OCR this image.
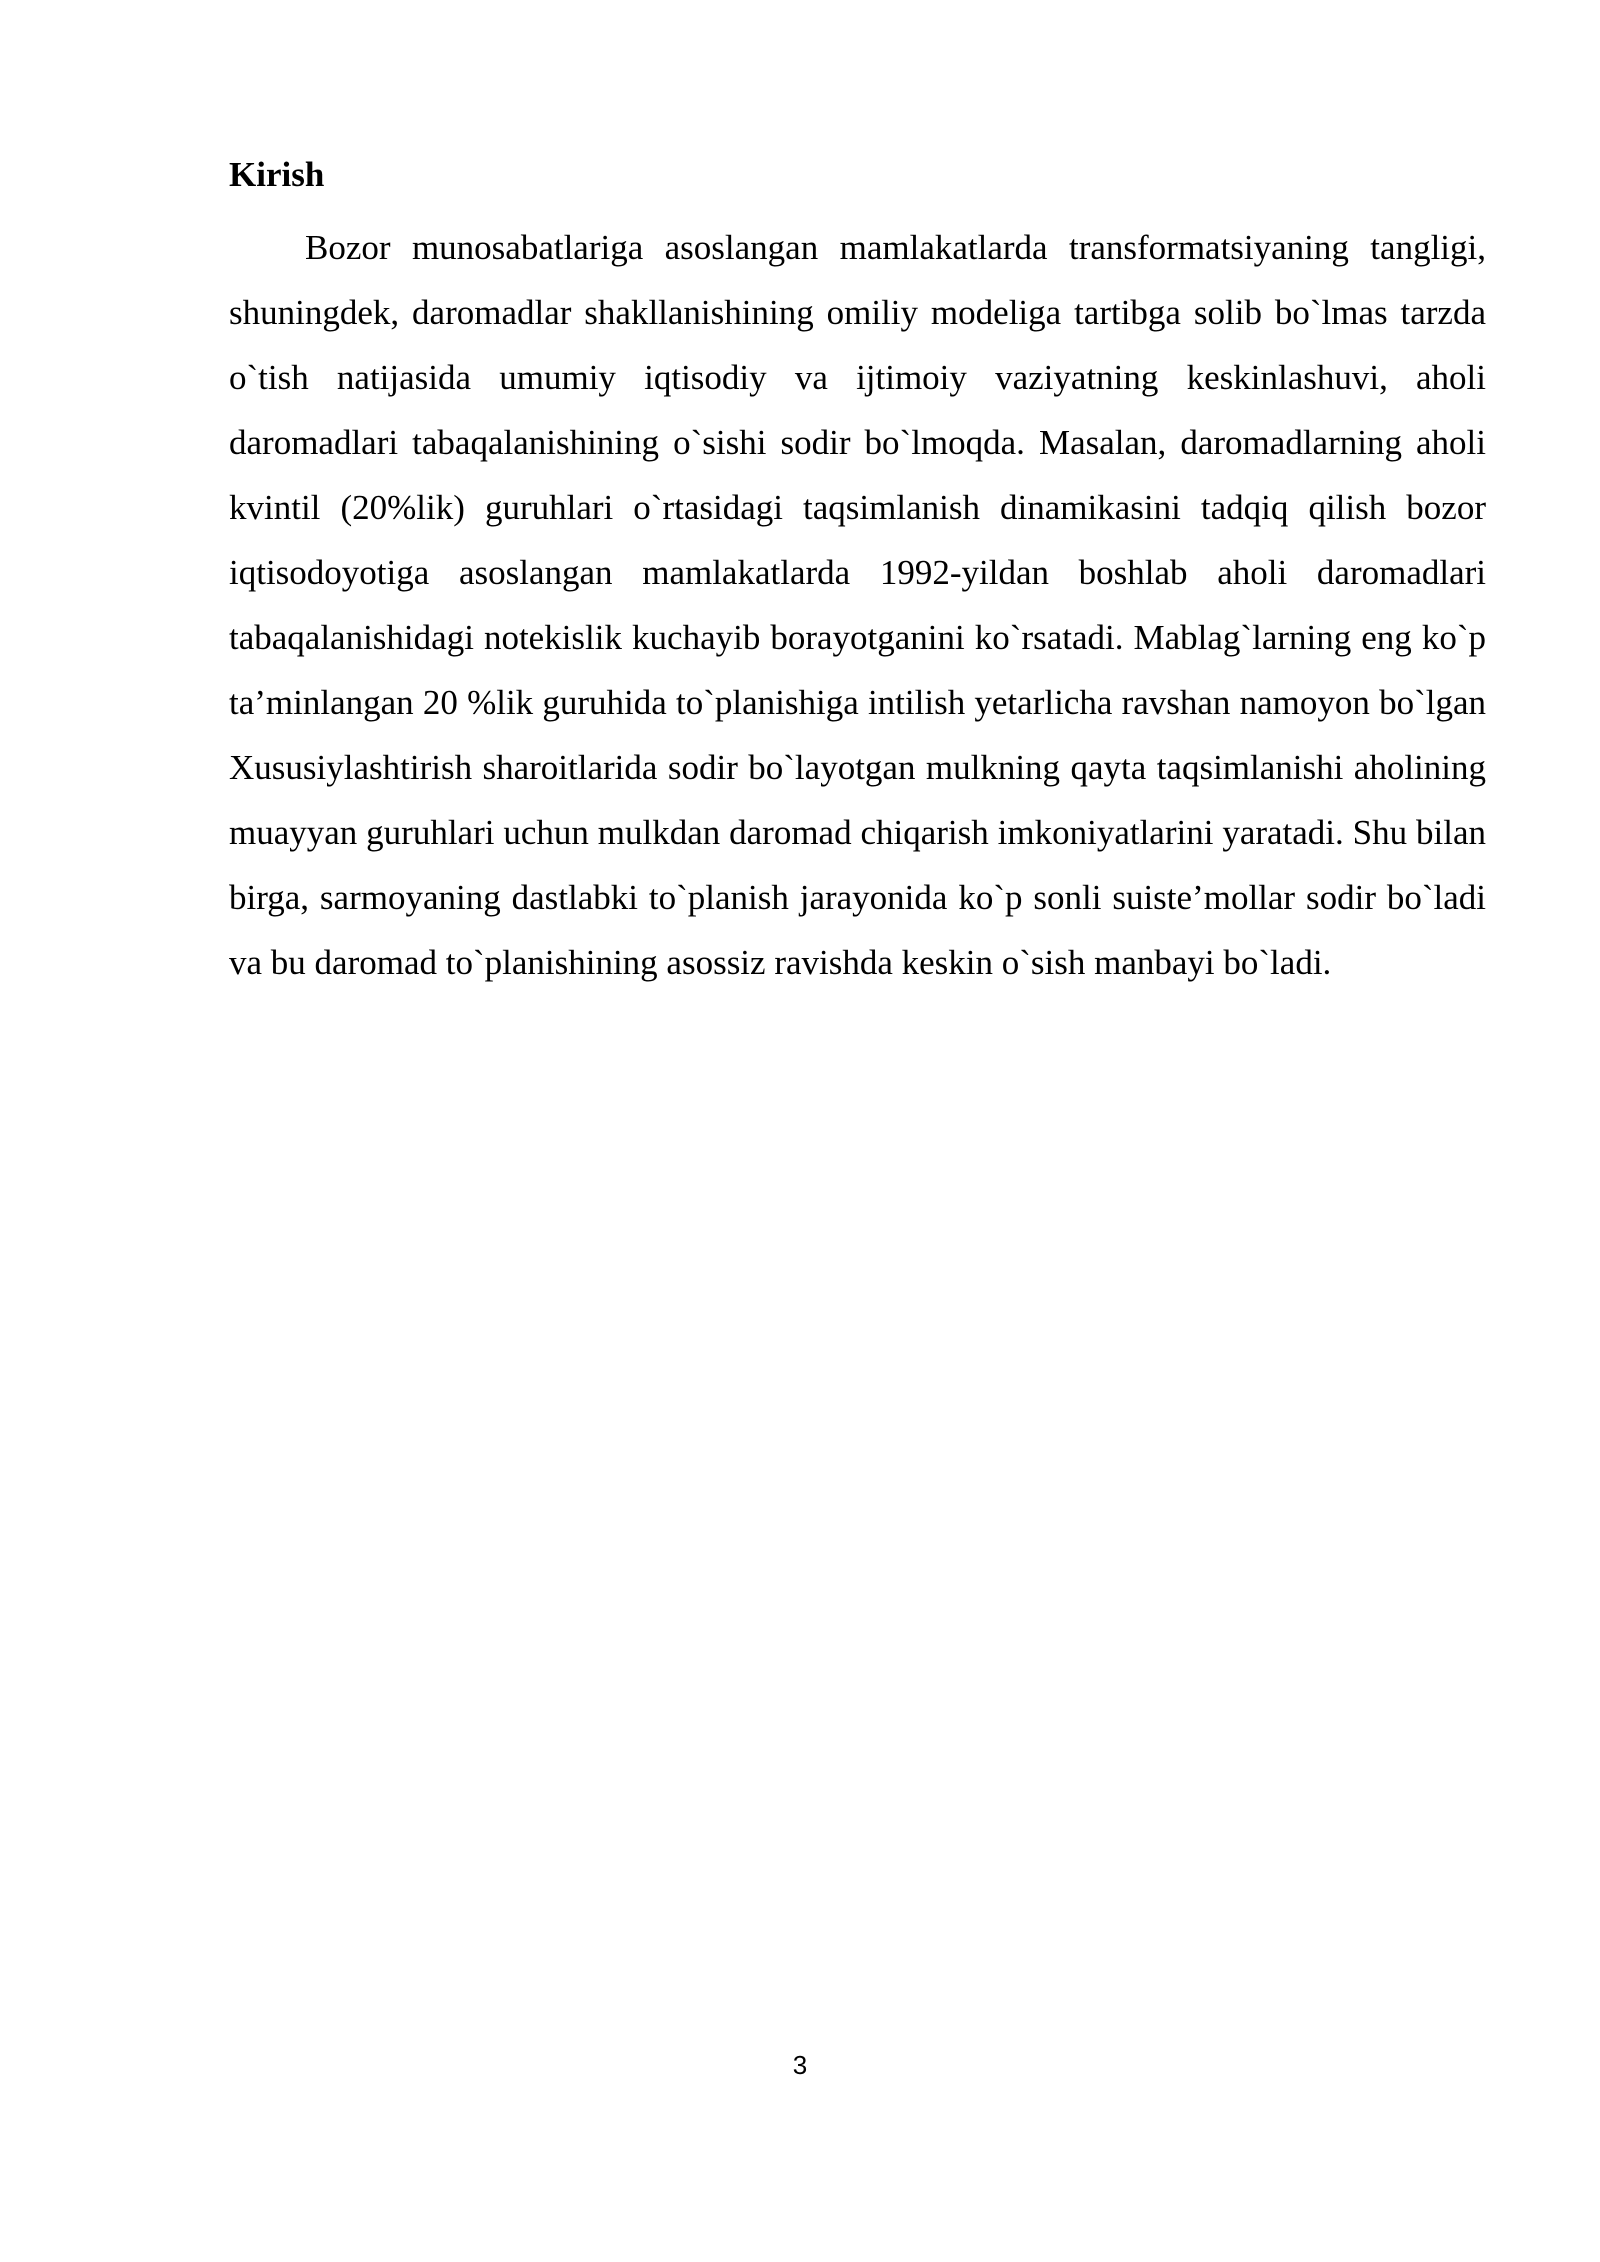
Kirish

Bozor munosabatlariga asoslangan mamlakatlarda transformatsiyaning tangligi, shuningdek, daromadlar shakllanishining omiliy modeliga tartibga solib bo`lmas tarzda o`tish natijasida umumiy iqtisodiy va ijtimoiy vaziyatning keskinlashuvi, aholi daromadlari tabaqalanishining o`sishi sodir bo`lmoqda. Masalan, daromadlarning aholi kvintil (20%lik) guruhlari o`rtasidagi taqsimlanish dinamikasini tadqiq qilish bozor iqtisodoyotiga asoslangan mamlakatlarda 1992-yildan boshlab aholi daromadlari tabaqalanishidagi notekislik kuchayib borayotganini ko`rsatadi. Mablag`larning eng ko`p ta’minlangan 20 %lik guruhida to`planishiga intilish yetarlicha ravshan namoyon bo`lgan Xususiylashtirish sharoitlarida sodir bo`layotgan mulkning qayta taqsimlanishi aholining muayyan guruhlari uchun mulkdan daromad chiqarish imkoniyatlarini yaratadi. Shu bilan birga, sarmoyaning dastlabki to`planish jarayonida ko`p sonli suiste’mollar sodir bo`ladi va bu daromad to`planishining asossiz ravishda keskin o`sish manbayi bo`ladi.

3
